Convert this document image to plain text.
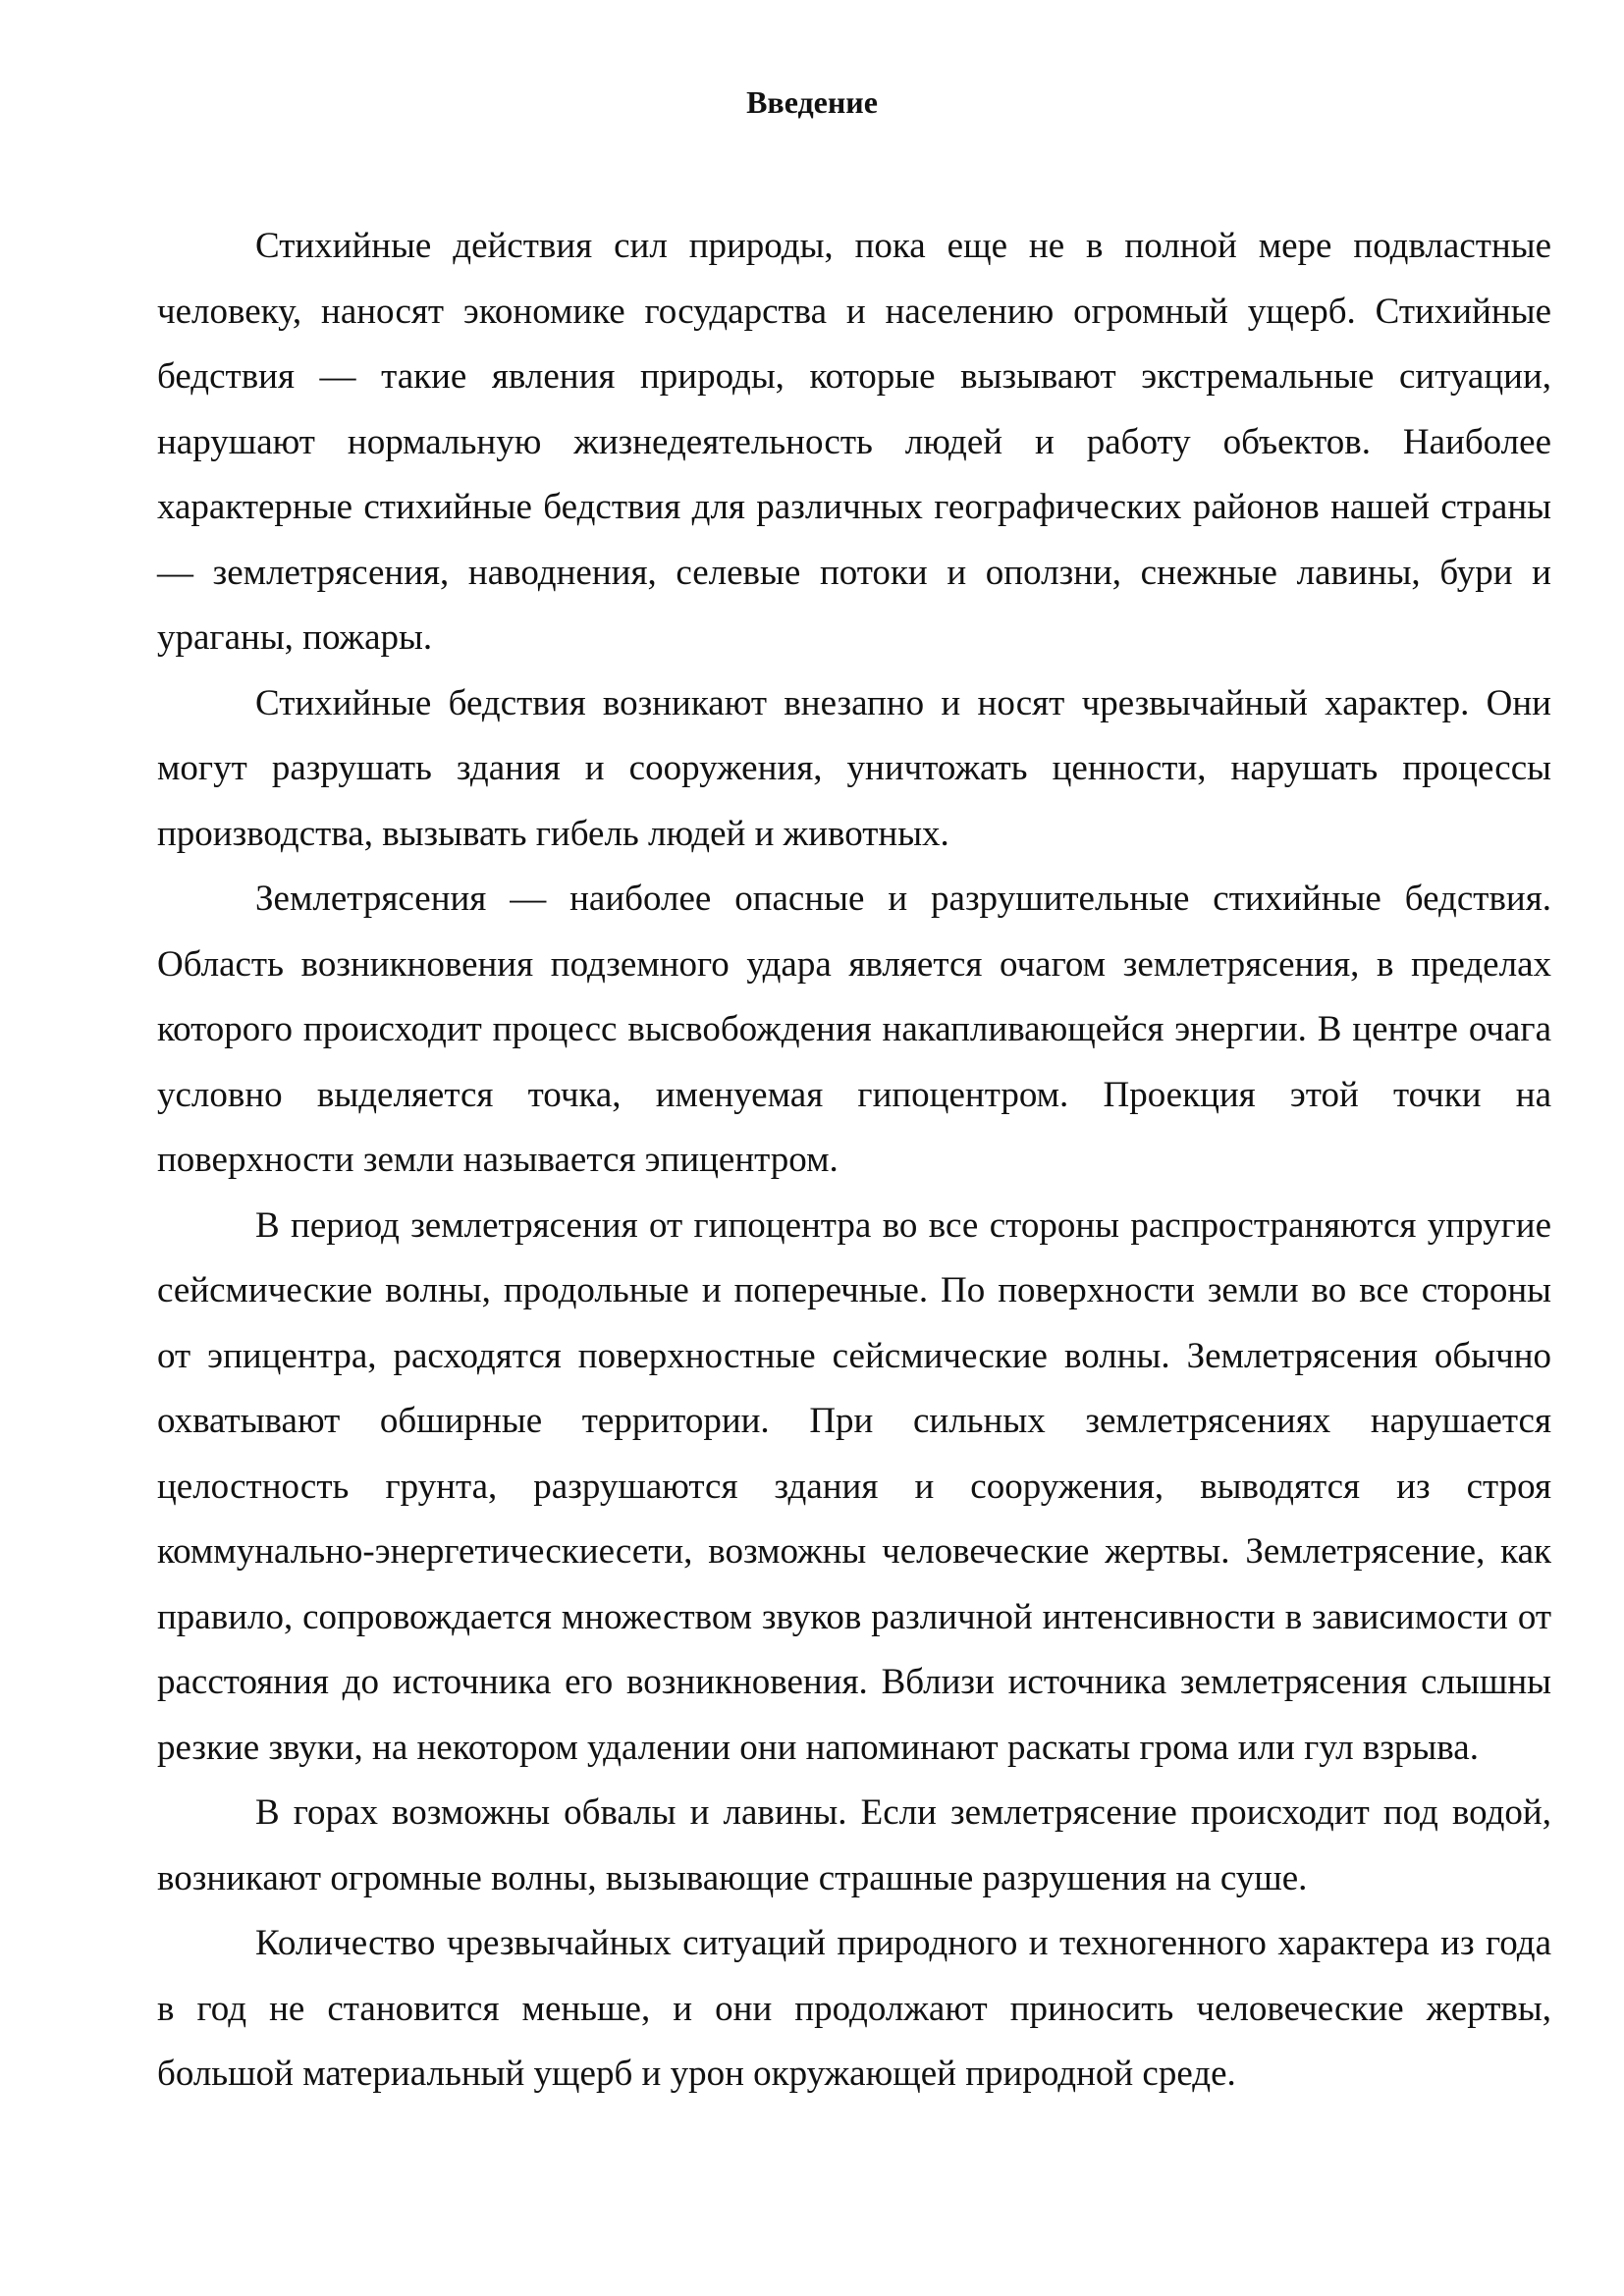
Введение

Стихийные действия сил природы, пока еще не в полной мере подвластные человеку, наносят экономике государства и населению огромный ущерб. Стихийные бедствия — такие явления природы, которые вызывают экстремальные ситуации, нарушают нормальную жизнедеятельность людей и работу объектов. Наиболее характерные стихийные бедствия для различных географических районов нашей страны — землетрясения, наводнения, селевые потоки и оползни, снежные лавины, бури и ураганы, пожары.

Стихийные бедствия возникают внезапно и носят чрезвычайный характер. Они могут разрушать здания и сооружения, уничтожать ценности, нарушать процессы производства, вызывать гибель людей и животных.

Землетрясения — наиболее опасные и разрушительные стихийные бедствия. Область возникновения подземного удара является очагом землетрясения, в пределах которого происходит процесс высвобождения накапливающейся энергии. В центре очага условно выделяется точка, именуемая гипоцентром. Проекция этой точки на поверхности земли называется эпицентром.

В период землетрясения от гипоцентра во все стороны распространяются упругие сейсмические волны, продольные и поперечные. По поверхности земли во все стороны от эпицентра, расходятся поверхностные сейсмические волны. Землетрясения обычно охватывают обширные территории. При сильных землетрясениях нарушается целостность грунта, разрушаются здания и сооружения, выводятся из строя коммунально-энергетическиесети, возможны человеческие жертвы. Землетрясение, как правило, сопровождается множеством звуков различной интенсивности в зависимости от расстояния до источника его возникновения. Вблизи источника землетрясения слышны резкие звуки, на некотором удалении они напоминают раскаты грома или гул взрыва.

В горах возможны обвалы и лавины. Если землетрясение происходит под водой, возникают огромные волны, вызывающие страшные разрушения на суше.

Количество чрезвычайных ситуаций природного и техногенного характера из года в год не становится меньше, и они продолжают приносить человеческие жертвы, большой материальный ущерб и урон окружающей природной среде.
